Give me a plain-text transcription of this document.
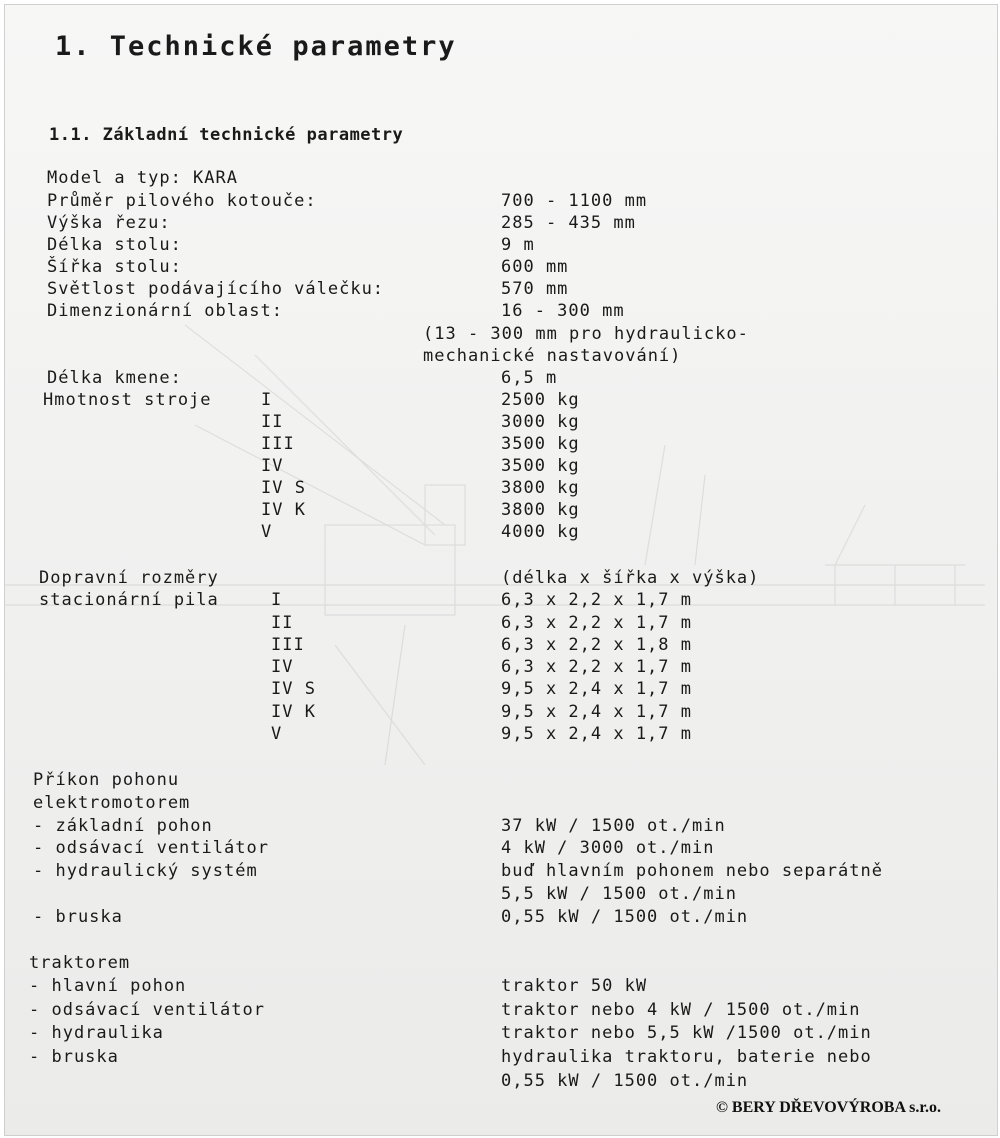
1. Technické parametry
1.1. Základní technické parametry
Model a typ: KARA
Průměr pilového kotouče:	700 - 1100 mm
Výška řezu:	285 - 435 mm
Délka stolu:	9 m
Šířka stolu:	600 mm
Světlost podávajícího válečku:	570 mm
Dimenzionární oblast:	16 - 300 mm
(13 - 300 mm pro hydraulicko-
mechanické nastavování)
Délka kmene:	6,5 m
Hmotnost stroje	I	2500 kg
II	3000 kg
III	3500 kg
IV	3500 kg
IV S	3800 kg
IV K	3800 kg
V	4000 kg
Dopravní rozměry	(délka x šířka x výška)
stacionární pila	I	6,3 x 2,2 x 1,7 m
II	6,3 x 2,2 x 1,7 m
III	6,3 x 2,2 x 1,8 m
IV	6,3 x 2,2 x 1,7 m
IV S	9,5 x 2,4 x 1,7 m
IV K	9,5 x 2,4 x 1,7 m
V	9,5 x 2,4 x 1,7 m
Příkon pohonu
elektromotorem
- základní pohon	37 kW / 1500 ot./min
- odsávací ventilátor	4 kW / 3000 ot./min
- hydraulický systém	buď hlavním pohonem nebo separátně
5,5 kW / 1500 ot./min
- bruska	0,55 kW / 1500 ot./min
traktorem
- hlavní pohon	traktor 50 kW
- odsávací ventilátor	traktor nebo 4 kW / 1500 ot./min
- hydraulika	traktor nebo 5,5 kW /1500 ot./min
- bruska	hydraulika traktoru, baterie nebo
0,55 kW / 1500 ot./min
© BERY DŘEVOVÝROBA s.r.o.
